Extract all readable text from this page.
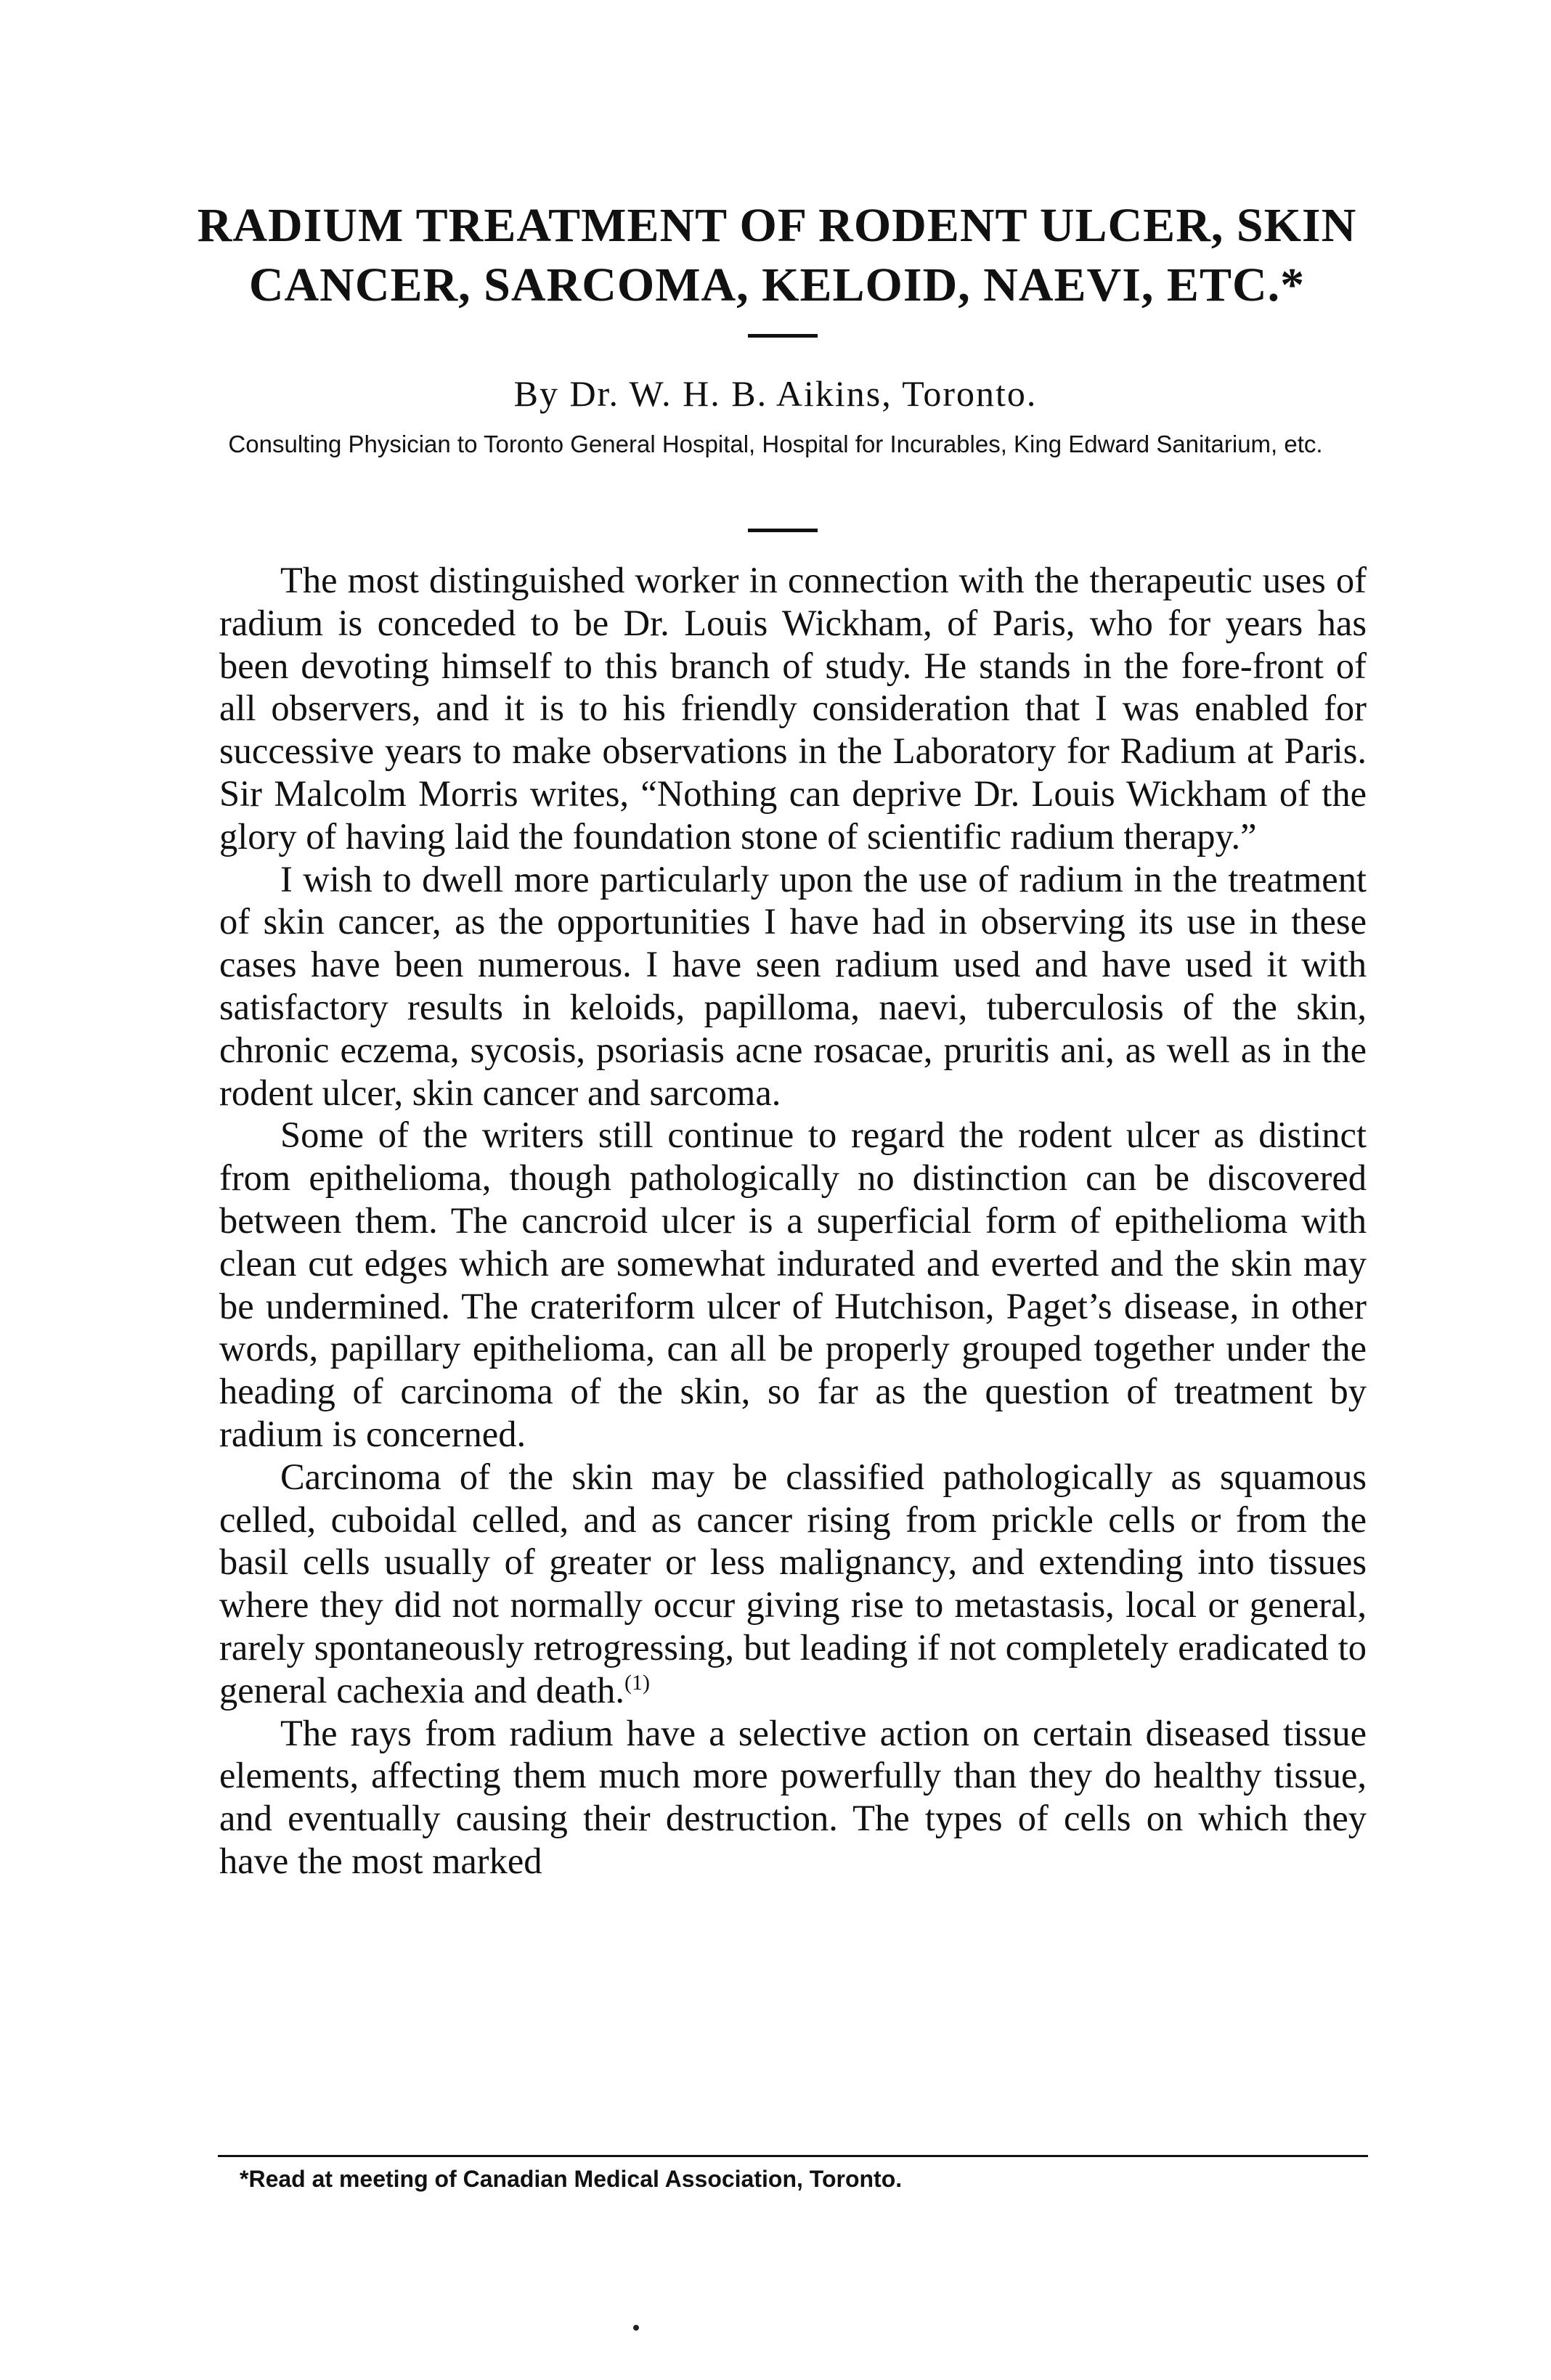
RADIUM TREATMENT OF RODENT ULCER, SKIN
CANCER, SARCOMA, KELOID, NAEVI, ETC.*

By Dr. W. H. B. Aikins, Toronto.

Consulting Physician to Toronto General Hospital, Hospital for Incurables, King Edward Sanitarium, etc.

The most distinguished worker in connection with the therapeutic uses of radium is conceded to be Dr. Louis Wickham, of Paris, who for years has been devoting himself to this branch of study. He stands in the fore-front of all observers, and it is to his friendly consideration that I was enabled for successive years to make observations in the Laboratory for Radium at Paris. Sir Malcolm Morris writes, “Nothing can deprive Dr. Louis Wickham of the glory of having laid the foundation stone of scientific radium therapy.”

I wish to dwell more particularly upon the use of radium in the treatment of skin cancer, as the opportunities I have had in observing its use in these cases have been numerous. I have seen radium used and have used it with satisfactory results in keloids, papilloma, naevi, tuberculosis of the skin, chronic eczema, sycosis, psoriasis acne rosacae, pruritis ani, as well as in the rodent ulcer, skin cancer and sarcoma.

Some of the writers still continue to regard the rodent ulcer as distinct from epithelioma, though pathologically no distinction can be discovered between them. The cancroid ulcer is a superficial form of epithelioma with clean cut edges which are somewhat indurated and everted and the skin may be undermined. The crateriform ulcer of Hutchison, Paget’s disease, in other words, papillary epithelioma, can all be properly grouped together under the heading of carcinoma of the skin, so far as the question of treatment by radium is concerned.

Carcinoma of the skin may be classified pathologically as squamous celled, cuboidal celled, and as cancer rising from prickle cells or from the basil cells usually of greater or less malignancy, and extending into tissues where they did not normally occur giving rise to metastasis, local or general, rarely spontaneously retrogressing, but leading if not completely eradicated to general cachexia and death.$^{(1)}$

The rays from radium have a selective action on certain diseased tissue elements, affecting them much more powerfully than they do healthy tissue, and eventually causing their destruction. The types of cells on which they have the most marked

*Read at meeting of Canadian Medical Association, Toronto.
